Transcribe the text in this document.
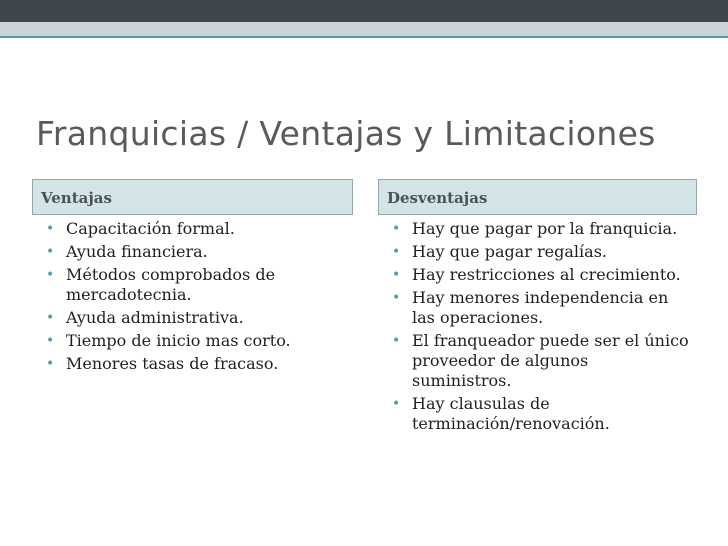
Franquicias / Ventajas y Limitaciones
Ventajas	Desventajas
• Capacitación formal.
• Ayuda financiera.
• Métodos comprobados de mercadotecnia.
• Ayuda administrativa.
• Tiempo de inicio mas corto.
• Menores tasas de fracaso.
• Hay que pagar por la franquicia.
• Hay que pagar regalías.
• Hay restricciones al crecimiento.
• Hay menores independencia en las operaciones.
• El franqueador puede ser el único proveedor de algunos suministros.
• Hay clausulas de terminación/renovación.
